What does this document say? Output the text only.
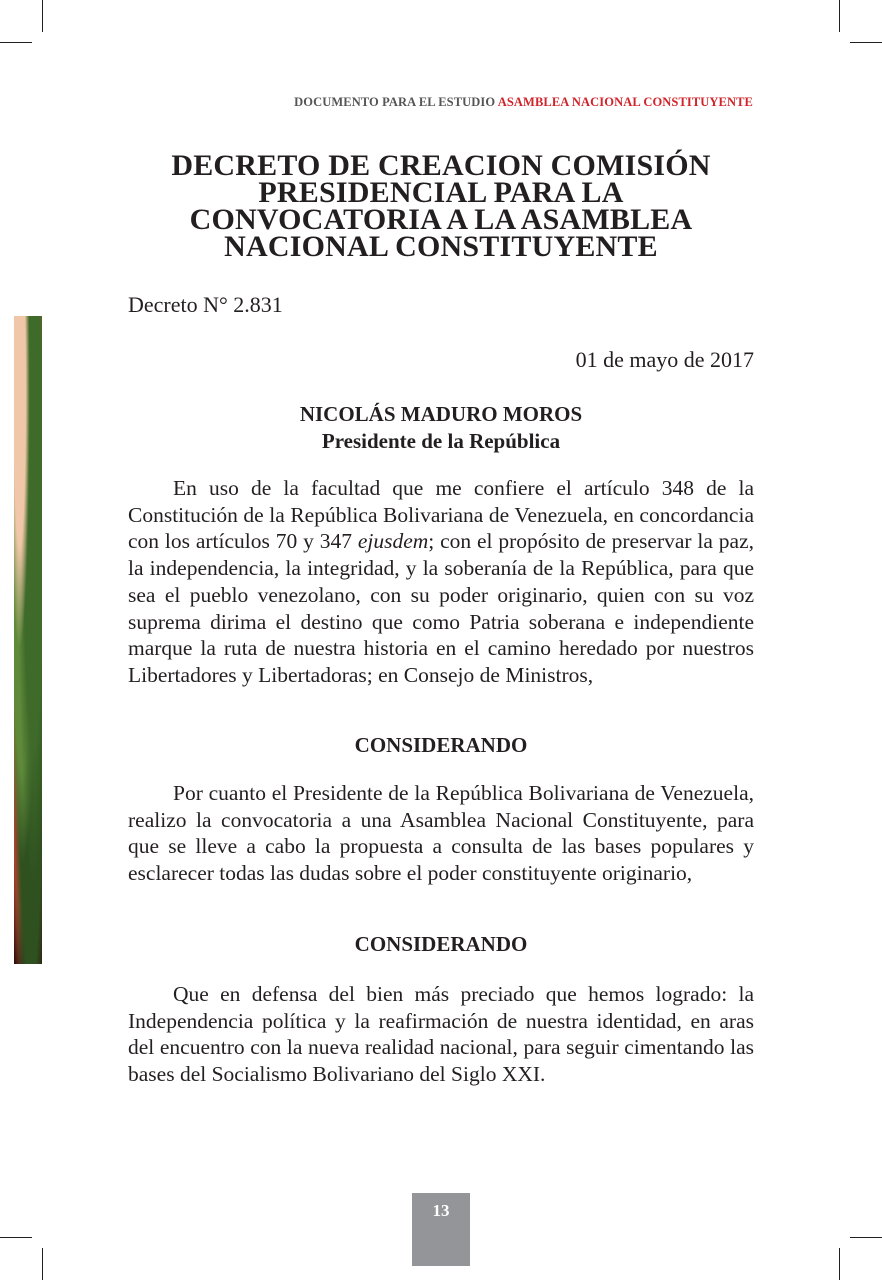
DOCUMENTO PARA EL ESTUDIO ASAMBLEA NACIONAL CONSTITUYENTE
DECRETO DE CREACION COMISIÓN
PRESIDENCIAL PARA LA
CONVOCATORIA A LA ASAMBLEA
NACIONAL CONSTITUYENTE
Decreto N° 2.831
01 de mayo de 2017
NICOLÁS MADURO MOROS
Presidente de la República

En uso de la facultad que me confiere el artículo 348 de la Constitución de la República Bolivariana de Venezuela, en concordancia con los artículos 70 y 347 ejusdem; con el propósito de preservar la paz, la independencia, la integridad, y la soberanía de la República, para que sea el pueblo venezolano, con su poder originario, quien con su voz suprema dirima el destino que como Patria soberana e independiente marque la ruta de nuestra historia en el camino heredado por nuestros Libertadores y Libertadoras; en Consejo de Ministros,

CONSIDERANDO

Por cuanto el Presidente de la República Bolivariana de Venezuela, realizo la convocatoria a una Asamblea Nacional Constituyente, para que se lleve a cabo la propuesta a consulta de las bases populares y esclarecer todas las dudas sobre el poder constituyente originario,

CONSIDERANDO

Que en defensa del bien más preciado que hemos logrado: la Independencia política y la reafirmación de nuestra identidad, en aras del encuentro con la nueva realidad nacional, para seguir cimentando las bases del Socialismo Bolivariano del Siglo XXI.

13
